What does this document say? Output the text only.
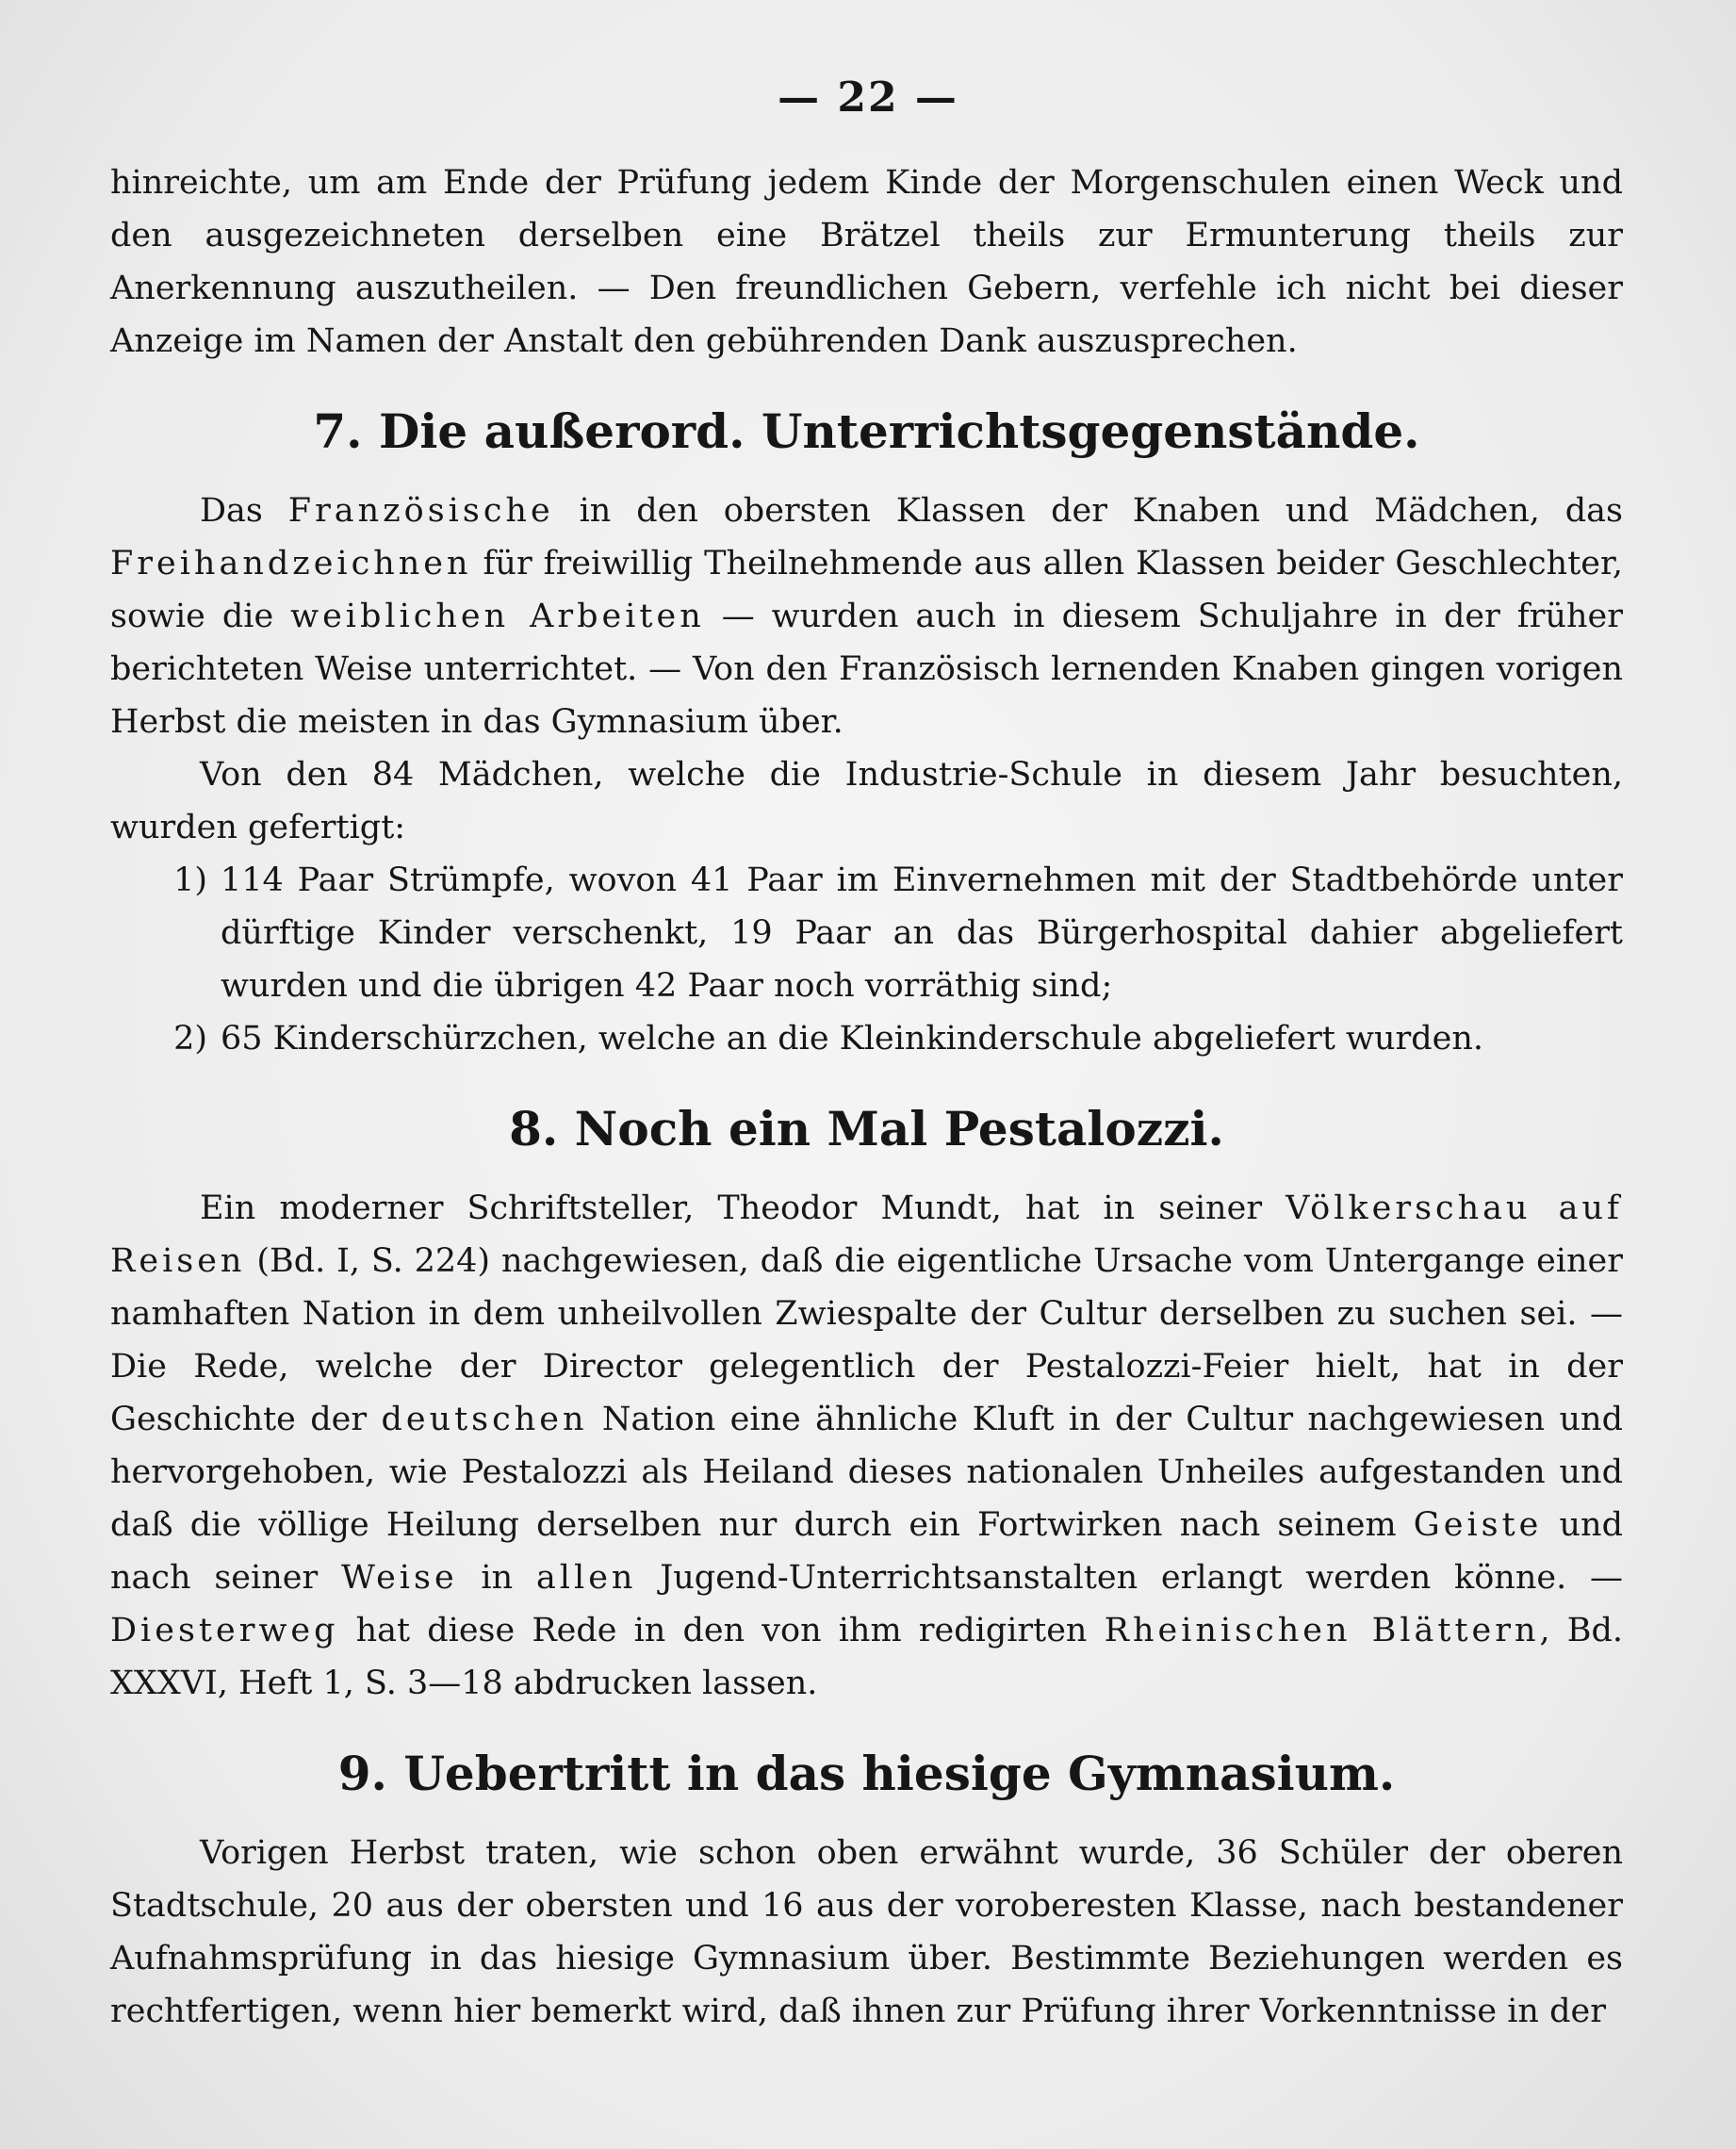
— 22 —

hinreichte, um am Ende der Prüfung jedem Kinde der Morgenschulen einen Weck und den ausgezeichneten derselben eine Brätzel theils zur Ermunterung theils zur Anerkennung auszutheilen. — Den freundlichen Gebern, verfehle ich nicht bei dieser Anzeige im Namen der Anstalt den gebührenden Dank auszusprechen.

7. Die außerord. Unterrichtsgegenstände.

Das Französische in den obersten Klassen der Knaben und Mädchen, das Freihandzeichnen für freiwillig Theilnehmende aus allen Klassen beider Geschlechter, sowie die weiblichen Arbeiten — wurden auch in diesem Schuljahre in der früher berichteten Weise unterrichtet. — Von den Französisch lernenden Knaben gingen vorigen Herbst die meisten in das Gymnasium über.

Von den 84 Mädchen, welche die Industrie-Schule in diesem Jahr besuchten, wurden gefertigt:

1) 114 Paar Strümpfe, wovon 41 Paar im Einvernehmen mit der Stadtbehörde unter dürftige Kinder verschenkt, 19 Paar an das Bürgerhospital dahier abgeliefert wurden und die übrigen 42 Paar noch vorräthig sind;
2) 65 Kinderschürzchen, welche an die Kleinkinderschule abgeliefert wurden.
8. Noch ein Mal Pestalozzi.

Ein moderner Schriftsteller, Theodor Mundt, hat in seiner Völkerschau auf Reisen (Bd. I, S. 224) nachgewiesen, daß die eigentliche Ursache vom Untergange einer namhaften Nation in dem unheilvollen Zwiespalte der Cultur derselben zu suchen sei. — Die Rede, welche der Director gelegentlich der Pestalozzi-Feier hielt, hat in der Geschichte der deutschen Nation eine ähnliche Kluft in der Cultur nachgewiesen und hervorgehoben, wie Pestalozzi als Heiland dieses nationalen Unheiles aufgestanden und daß die völlige Heilung derselben nur durch ein Fortwirken nach seinem Geiste und nach seiner Weise in allen Jugend-Unterrichtsanstalten erlangt werden könne. — Diesterweg hat diese Rede in den von ihm redigirten Rheinischen Blättern, Bd. XXXVI, Heft 1, S. 3—18 abdrucken lassen.

9. Uebertritt in das hiesige Gymnasium.

Vorigen Herbst traten, wie schon oben erwähnt wurde, 36 Schüler der oberen Stadtschule, 20 aus der obersten und 16 aus der voroberesten Klasse, nach bestandener Aufnahmsprüfung in das hiesige Gymnasium über. Bestimmte Beziehungen werden es rechtfertigen, wenn hier bemerkt wird, daß ihnen zur Prüfung ihrer Vorkenntnisse in der
